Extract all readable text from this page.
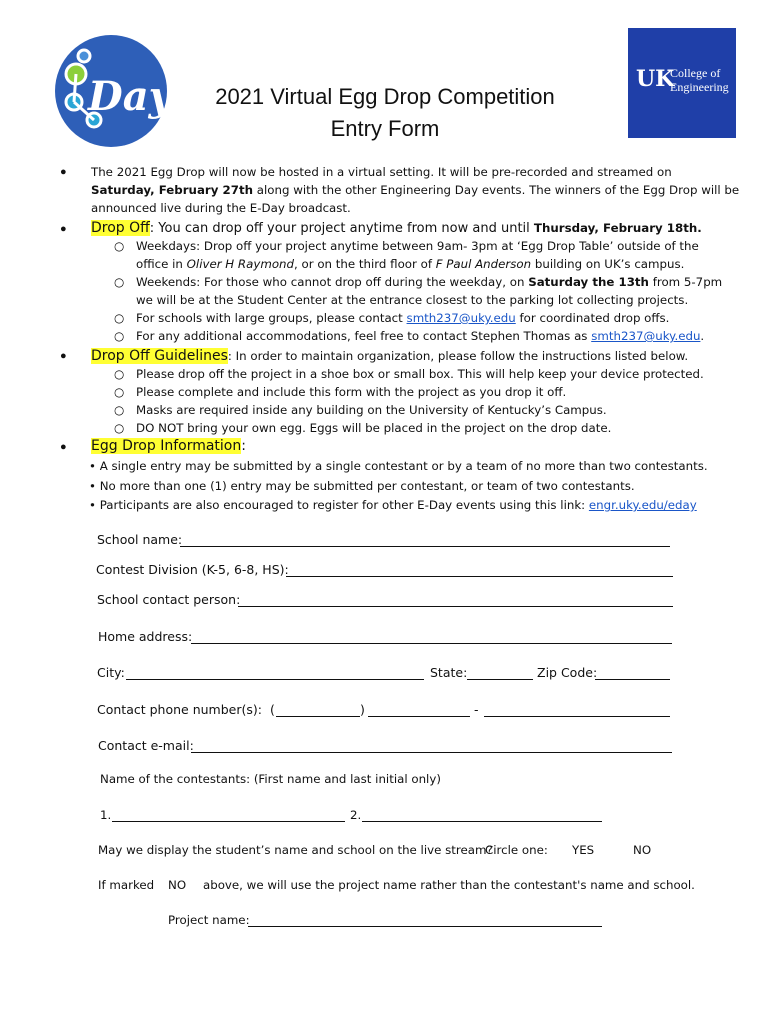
Day	UK
College of
Engineering
2021 Virtual Egg Drop Competition
Entry Form
● The 2021 Egg Drop will now be hosted in a virtual setting. It will be pre-recorded and streamed on
Saturday, February 27th along with the other Engineering Day events. The winners of the Egg Drop will be
announced live during the E-Day broadcast.
● Drop Off: You can drop off your project anytime from now and until Thursday, February 18th.
○ Weekdays: Drop off your project anytime between 9am- 3pm at ‘Egg Drop Table’ outside of the
office in Oliver H Raymond, or on the third floor of F Paul Anderson building on UK’s campus.
○ Weekends: For those who cannot drop off during the weekday, on Saturday the 13th from 5-7pm
we will be at the Student Center at the entrance closest to the parking lot collecting projects.
○ For schools with large groups, please contact smth237@uky.edu for coordinated drop offs.
○ For any additional accommodations, feel free to contact Stephen Thomas as smth237@uky.edu.
● Drop Off Guidelines: In order to maintain organization, please follow the instructions listed below.
○ Please drop off the project in a shoe box or small box. This will help keep your device protected.
○ Please complete and include this form with the project as you drop it off.
○ Masks are required inside any building on the University of Kentucky’s Campus.
○ DO NOT bring your own egg. Eggs will be placed in the project on the drop date.
● Egg Drop Information:
• A single entry may be submitted by a single contestant or by a team of no more than two contestants.
• No more than one (1) entry may be submitted per contestant, or team of two contestants.
• Participants are also encouraged to register for other E-Day events using this link: engr.uky.edu/eday
School name:
Contest Division (K-5, 6-8, HS):
School contact person:
Home address:
City:	State:	Zip Code:
Contact phone number(s): (	)	-
Contact e-mail:
Name of the contestants: (First name and last initial only)
1.	2.
May we display the student’s name and school on the live stream?
Circle one: YES	NO
If marked NO above, we will use the project name rather than the contestant's name and school.
Project name:
